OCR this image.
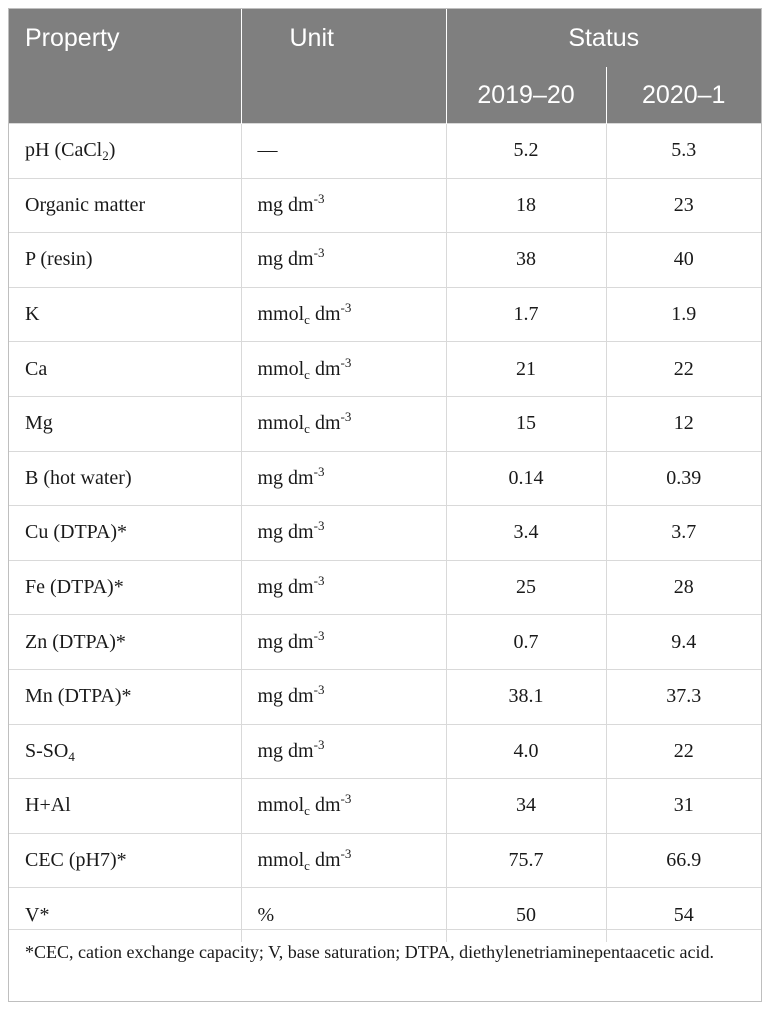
Property	Unit	Status	
		2019–20	2020–1
pH (CaCl$_2$)	—	5.2	5.3
Organic matter	mg $dm^{-3}$	18	23
P (resin)	mg $dm^{-3}$	38	40
K	mmol$_c$ $dm^{-3}$	1.7	1.9
Ca	mmol$_c$ $dm^{-3}$	21	22
Mg	mmol$_c$ $dm^{-3}$	15	12
B (hot water)	mg $dm^{-3}$	0.14	0.39
Cu (DTPA)*	mg $dm^{-3}$	3.4	3.7
Fe (DTPA)*	mg $dm^{-3}$	25	28
Zn (DTPA)*	mg $dm^{-3}$	0.7	9.4
Mn (DTPA)*	mg $dm^{-3}$	38.1	37.3
$S-SO_4$	mg $dm^{-3}$	4.0	22
H+Al	mmol$_c$ $dm^{-3}$	34	31
CEC (pH7)*	mmol$_c$ $dm^{-3}$	75.7	66.9
V*	%	50	54
*CEC, cation exchange capacity; V, base saturation; DTPA, diethylenetriaminepentaacetic acid.
